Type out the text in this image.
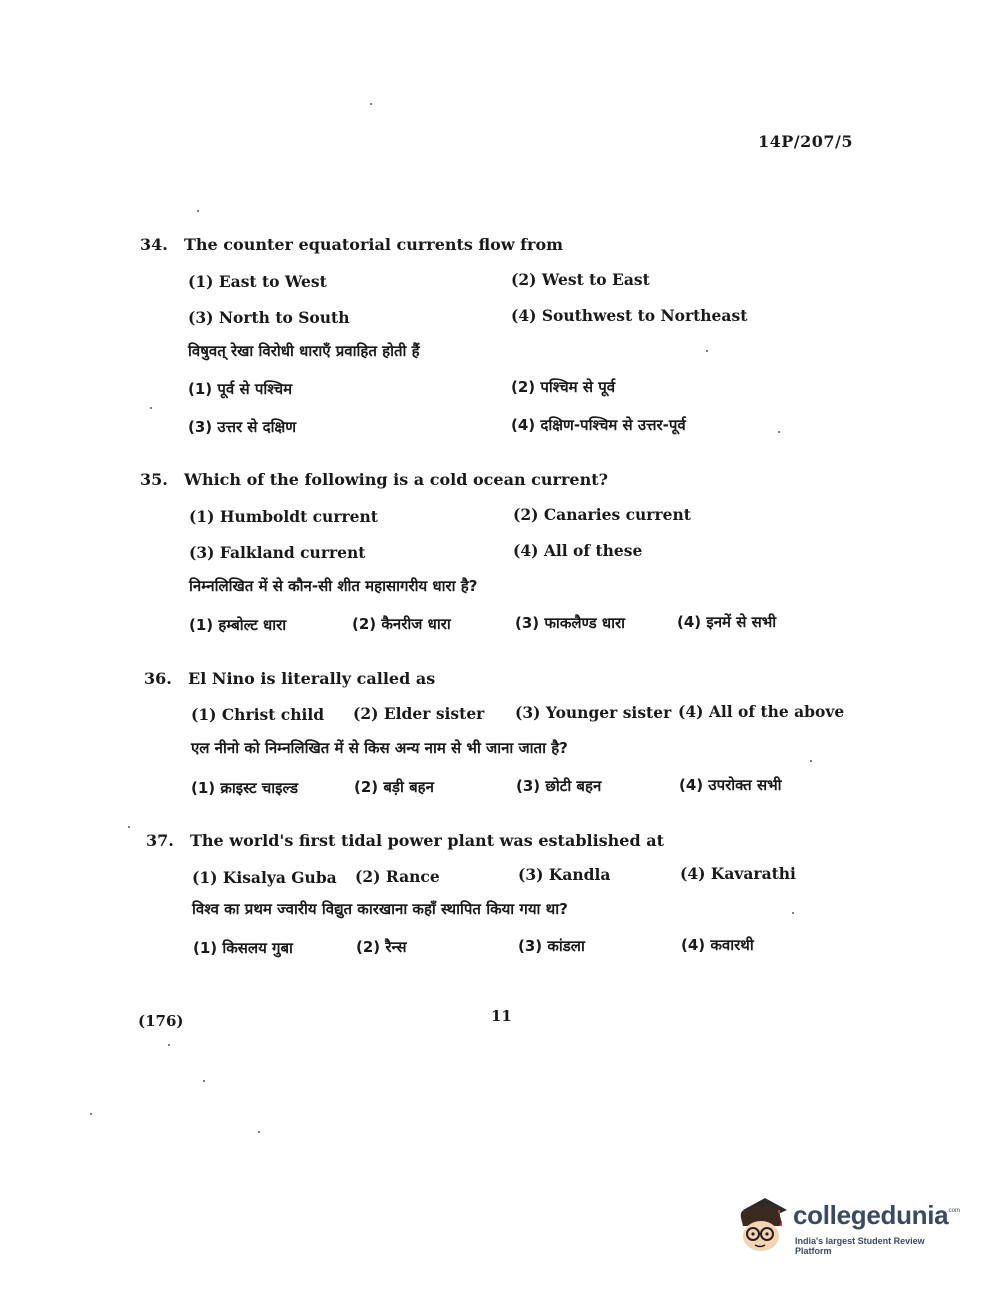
14P/207/5
34. The counter equatorial currents flow from
(1) East to West	(2) West to East
(3) North to South	(4) Southwest to Northeast
विषुवत् रेखा विरोधी धाराएँ प्रवाहित होती हैं
(1) पूर्व से पश्चिम	(2) पश्चिम से पूर्व
(3) उत्तर से दक्षिण	(4) दक्षिण-पश्चिम से उत्तर-पूर्व
35. Which of the following is a cold ocean current?
(1) Humboldt current	(2) Canaries current
(3) Falkland current	(4) All of these
निम्नलिखित में से कौन-सी शीत महासागरीय धारा है?
(1) हम्बोल्ट धारा	(2) कैनरीज धारा	(3) फाकलैण्ड धारा	(4) इनमें से सभी
36. El Nino is literally called as
(1) Christ child (2) Elder sister (3) Younger sister (4) All of the above
एल नीनो को निम्नलिखित में से किस अन्य नाम से भी जाना जाता है?
(1) क्राइस्ट चाइल्ड	(2) बड़ी बहन	(3) छोटी बहन	(4) उपरोक्त सभी
37. The world's first tidal power plant was established at
(1) Kisalya Guba (2) Rance	(3) Kandla	(4) Kavarathi
विश्व का प्रथम ज्वारीय विद्युत कारखाना कहाँ स्थापित किया गया था?
(1) किसलय गुबा	(2) रैन्स	(3) कांडला	(4) कवारथी
(176)	11
collegedunia
.com
India's largest Student Review Platform
